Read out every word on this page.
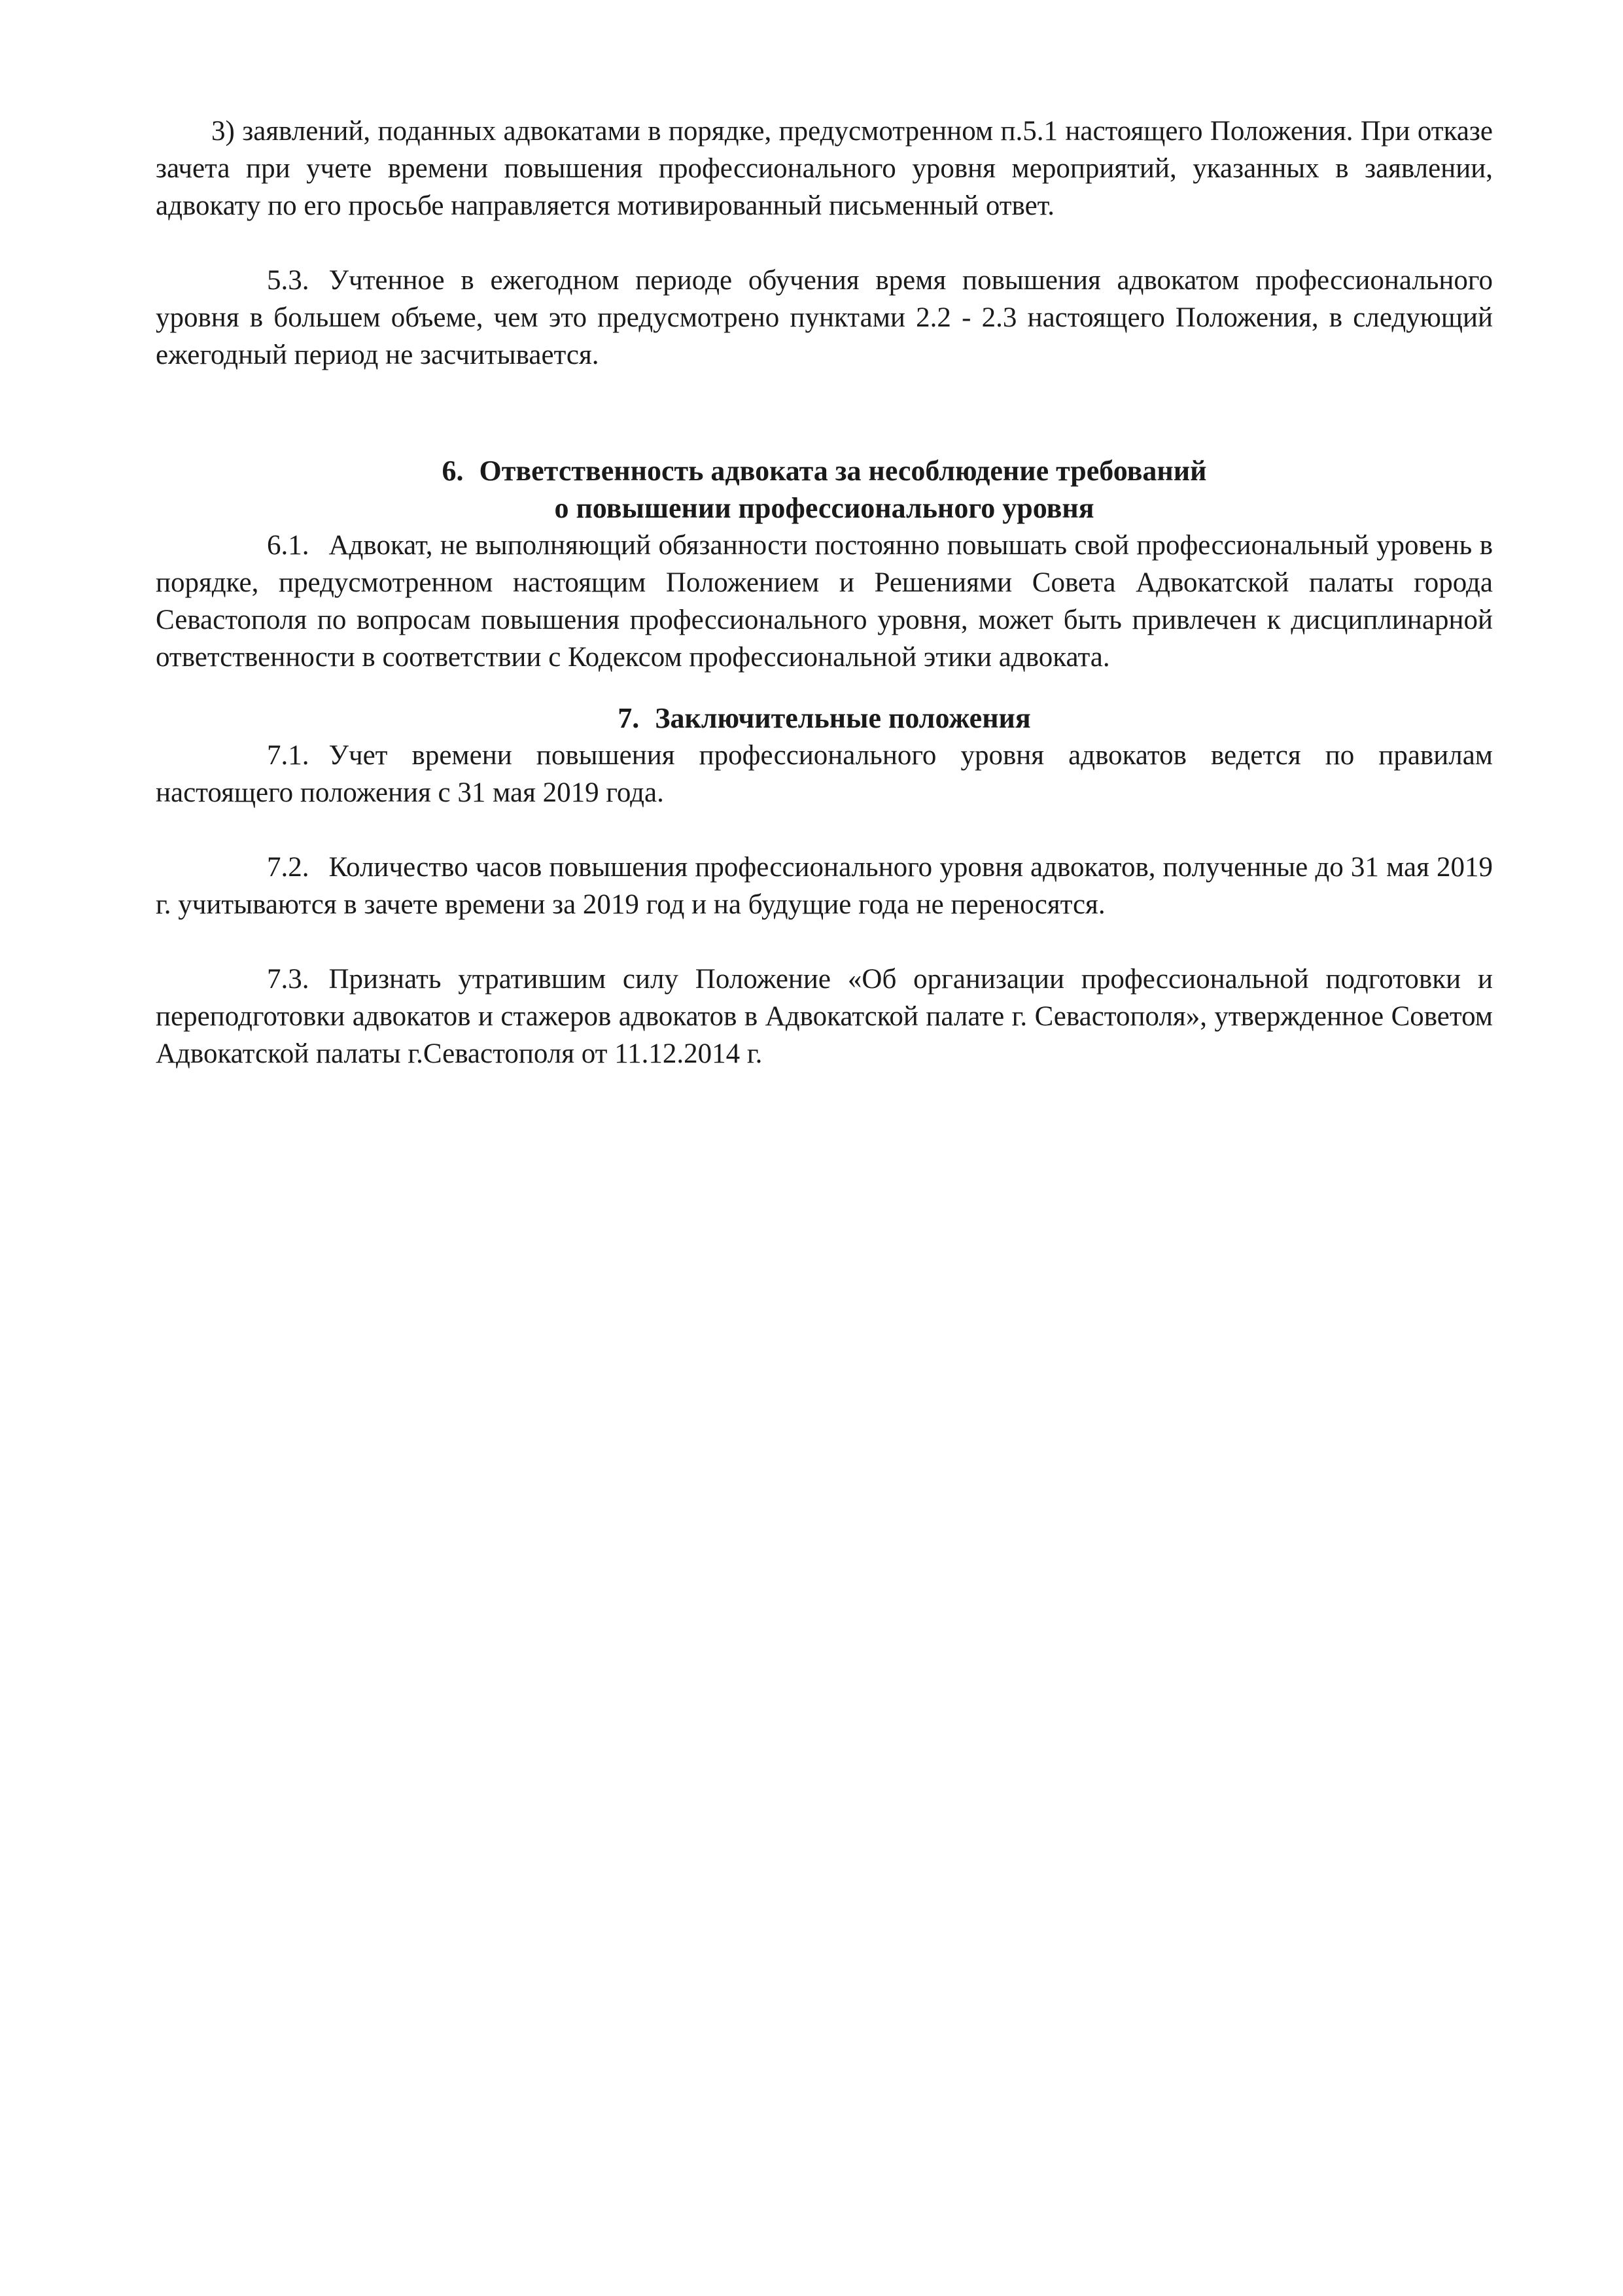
3) заявлений, поданных адвокатами в порядке, предусмотренном п.5.1 настоящего Положения. При отказе зачета при учете времени повышения профессионального уровня мероприятий, указанных в заявлении, адвокату по его просьбе направляется мотивированный письменный ответ.

5.3. Учтенное в ежегодном периоде обучения время повышения адвокатом профессионального уровня в большем объеме, чем это предусмотрено пунктами 2.2 - 2.3 настоящего Положения, в следующий ежегодный период не засчитывается.

6. Ответственность адвоката за несоблюдение требований

о повышении профессионального уровня

6.1. Адвокат, не выполняющий обязанности постоянно повышать свой профессиональный уровень в порядке, предусмотренном настоящим Положением и Решениями Совета Адвокатской палаты города Севастополя по вопросам повышения профессионального уровня, может быть привлечен к дисциплинарной ответственности в соответствии с Кодексом профессиональной этики адвоката.

7. Заключительные положения

7.1. Учет времени повышения профессионального уровня адвокатов ведется по правилам настоящего положения с 31 мая 2019 года.

7.2. Количество часов повышения профессионального уровня адвокатов, полученные до 31 мая 2019 г. учитываются в зачете времени за 2019 год и на будущие года не переносятся.

7.3. Признать утратившим силу Положение «Об организации профессиональной подготовки и переподготовки адвокатов и стажеров адвокатов в Адвокатской палате г. Севастополя», утвержденное Советом Адвокатской палаты г.Севастополя от 11.12.2014 г.
